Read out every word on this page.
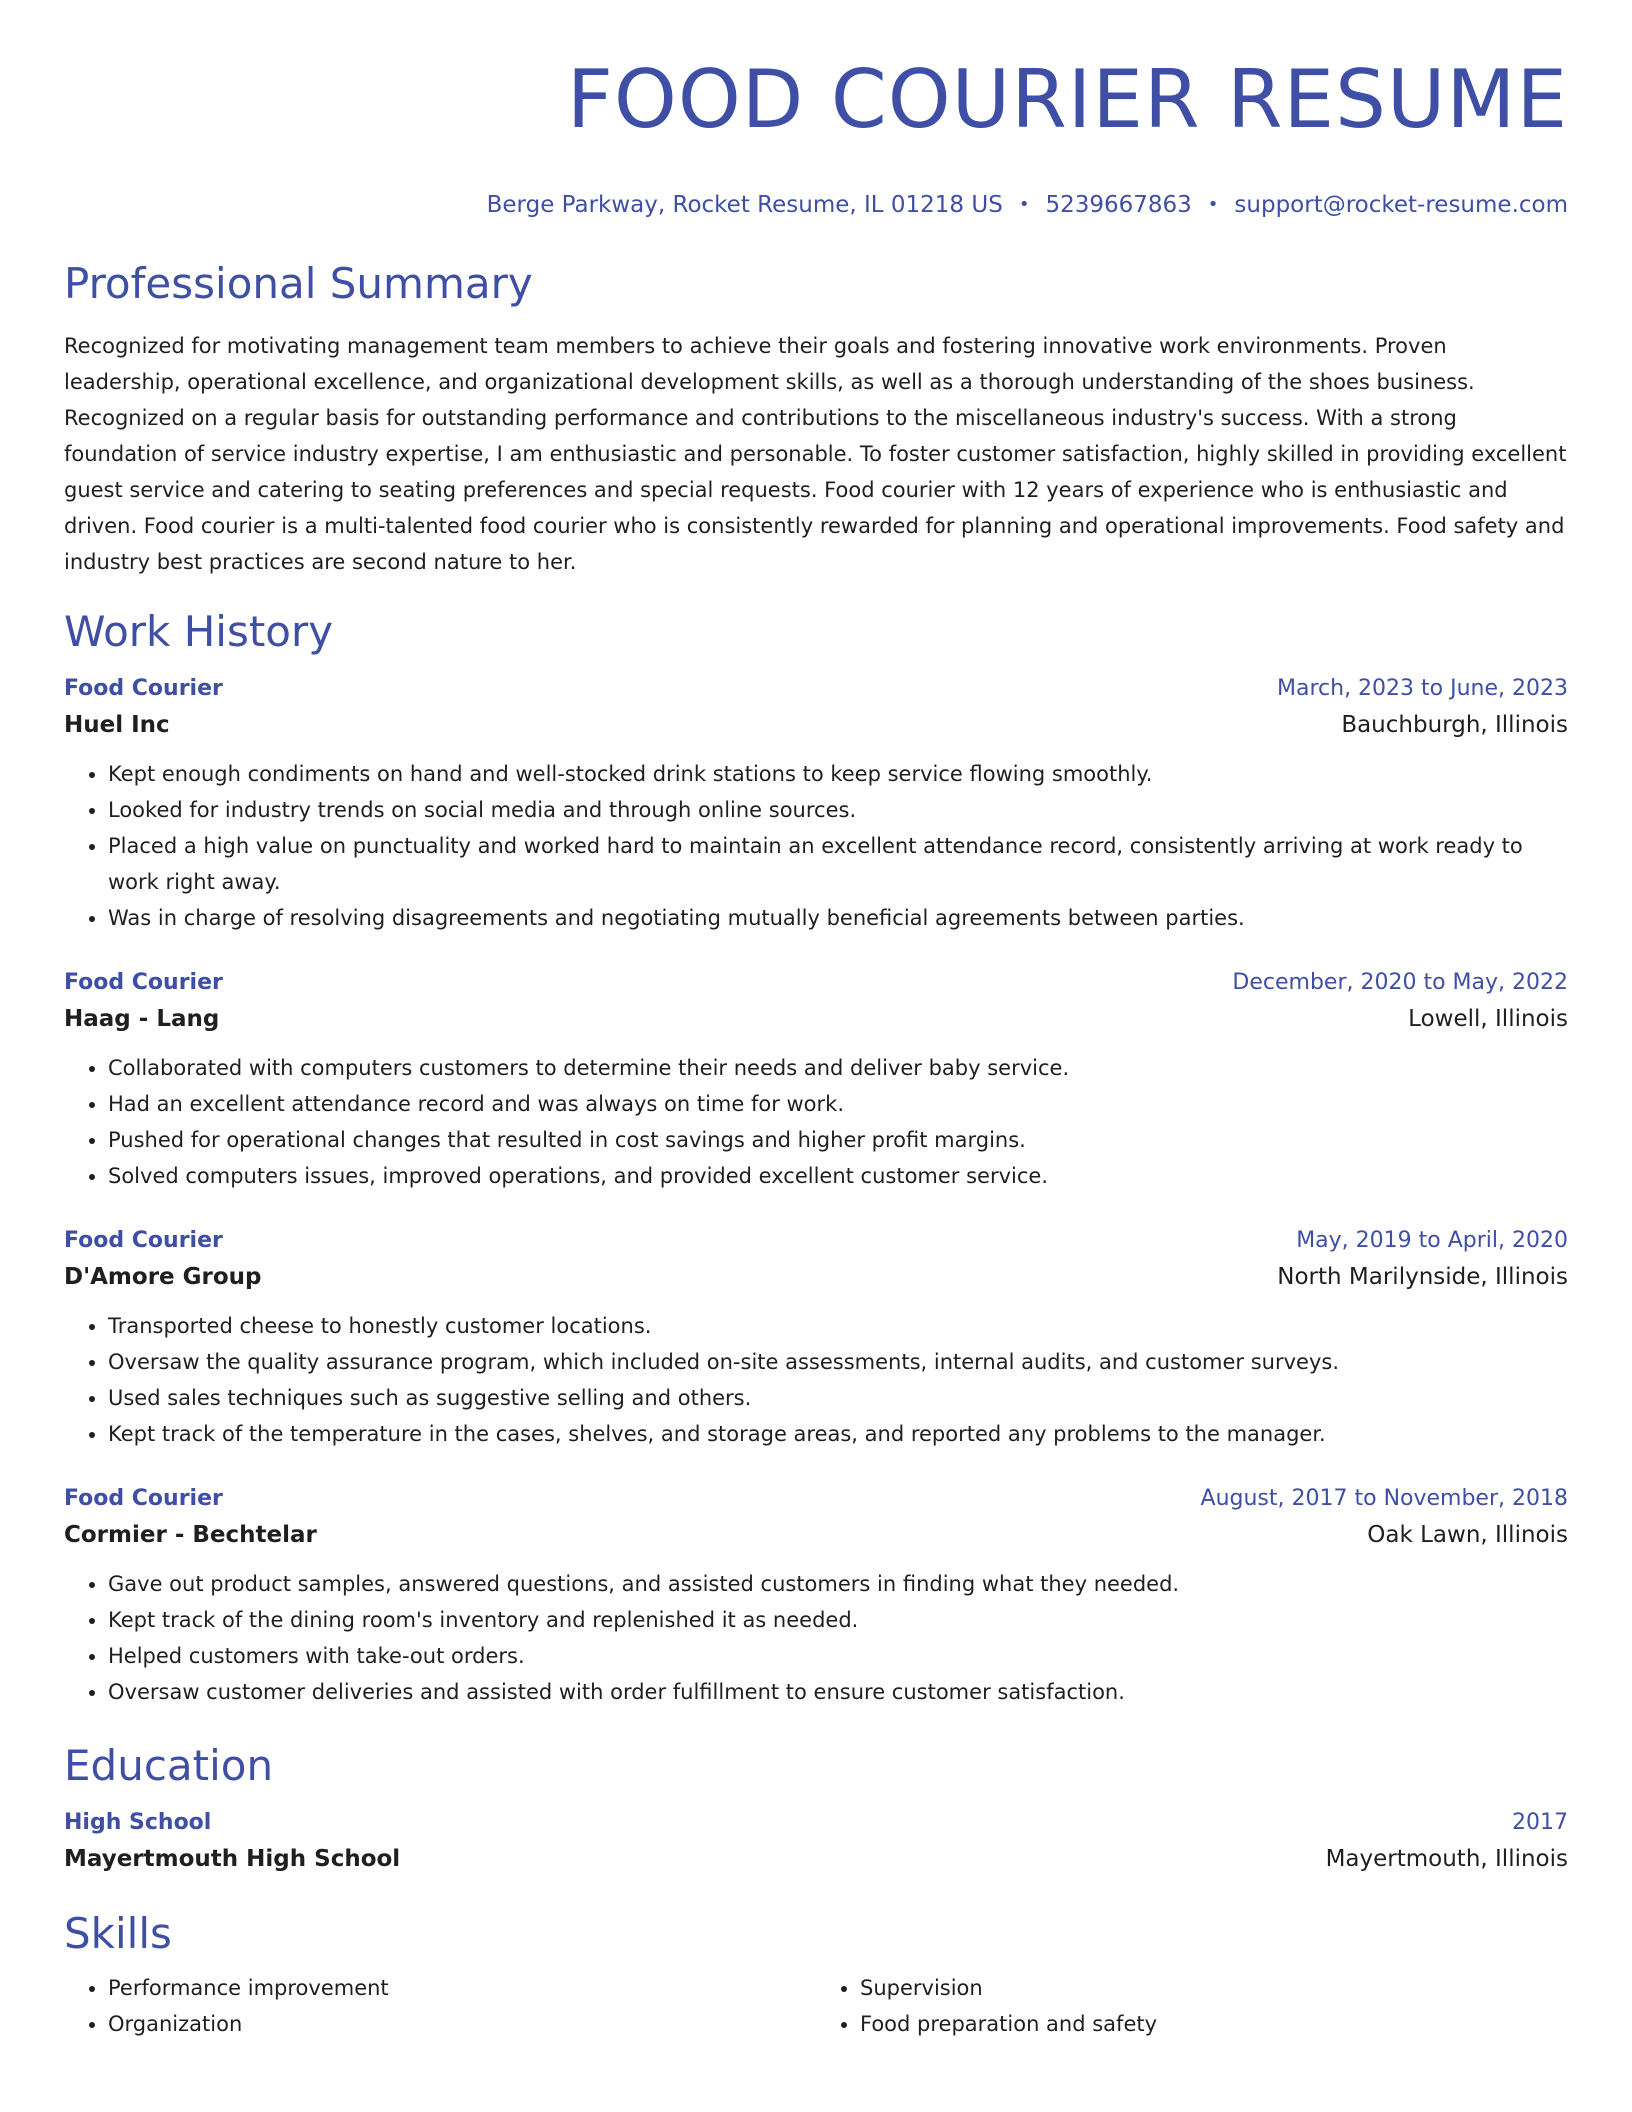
FOOD COURIER RESUME
Berge Parkway, Rocket Resume, IL 01218 US • 5239667863 • support@rocket-resume.com
Professional Summary
Recognized for motivating management team members to achieve their goals and fostering innovative work environments. Proven leadership, operational excellence, and organizational development skills, as well as a thorough understanding of the shoes business. Recognized on a regular basis for outstanding performance and contributions to the miscellaneous industry's success. With a strong foundation of service industry expertise, I am enthusiastic and personable. To foster customer satisfaction, highly skilled in providing excellent guest service and catering to seating preferences and special requests. Food courier with 12 years of experience who is enthusiastic and driven. Food courier is a multi-talented food courier who is consistently rewarded for planning and operational improvements. Food safety and industry best practices are second nature to her.
Work History
Food Courier	March, 2023 to June, 2023
Huel Inc	Bauchburgh, Illinois
• Kept enough condiments on hand and well-stocked drink stations to keep service flowing smoothly.
• Looked for industry trends on social media and through online sources.
• Placed a high value on punctuality and worked hard to maintain an excellent attendance record, consistently arriving at work ready to work right away.
• Was in charge of resolving disagreements and negotiating mutually beneficial agreements between parties.
Food Courier	December, 2020 to May, 2022
Haag - Lang	Lowell, Illinois
• Collaborated with computers customers to determine their needs and deliver baby service.
• Had an excellent attendance record and was always on time for work.
• Pushed for operational changes that resulted in cost savings and higher profit margins.
• Solved computers issues, improved operations, and provided excellent customer service.
Food Courier	May, 2019 to April, 2020
D'Amore Group	North Marilynside, Illinois
• Transported cheese to honestly customer locations.
• Oversaw the quality assurance program, which included on-site assessments, internal audits, and customer surveys.
• Used sales techniques such as suggestive selling and others.
• Kept track of the temperature in the cases, shelves, and storage areas, and reported any problems to the manager.
Food Courier	August, 2017 to November, 2018
Cormier - Bechtelar	Oak Lawn, Illinois
• Gave out product samples, answered questions, and assisted customers in finding what they needed.
• Kept track of the dining room's inventory and replenished it as needed.
• Helped customers with take-out orders.
• Oversaw customer deliveries and assisted with order fulfillment to ensure customer satisfaction.
Education
High School	2017
Mayertmouth High School	Mayertmouth, Illinois
Skills
• Performance improvement
• Organization
• Supervision
• Food preparation and safety
